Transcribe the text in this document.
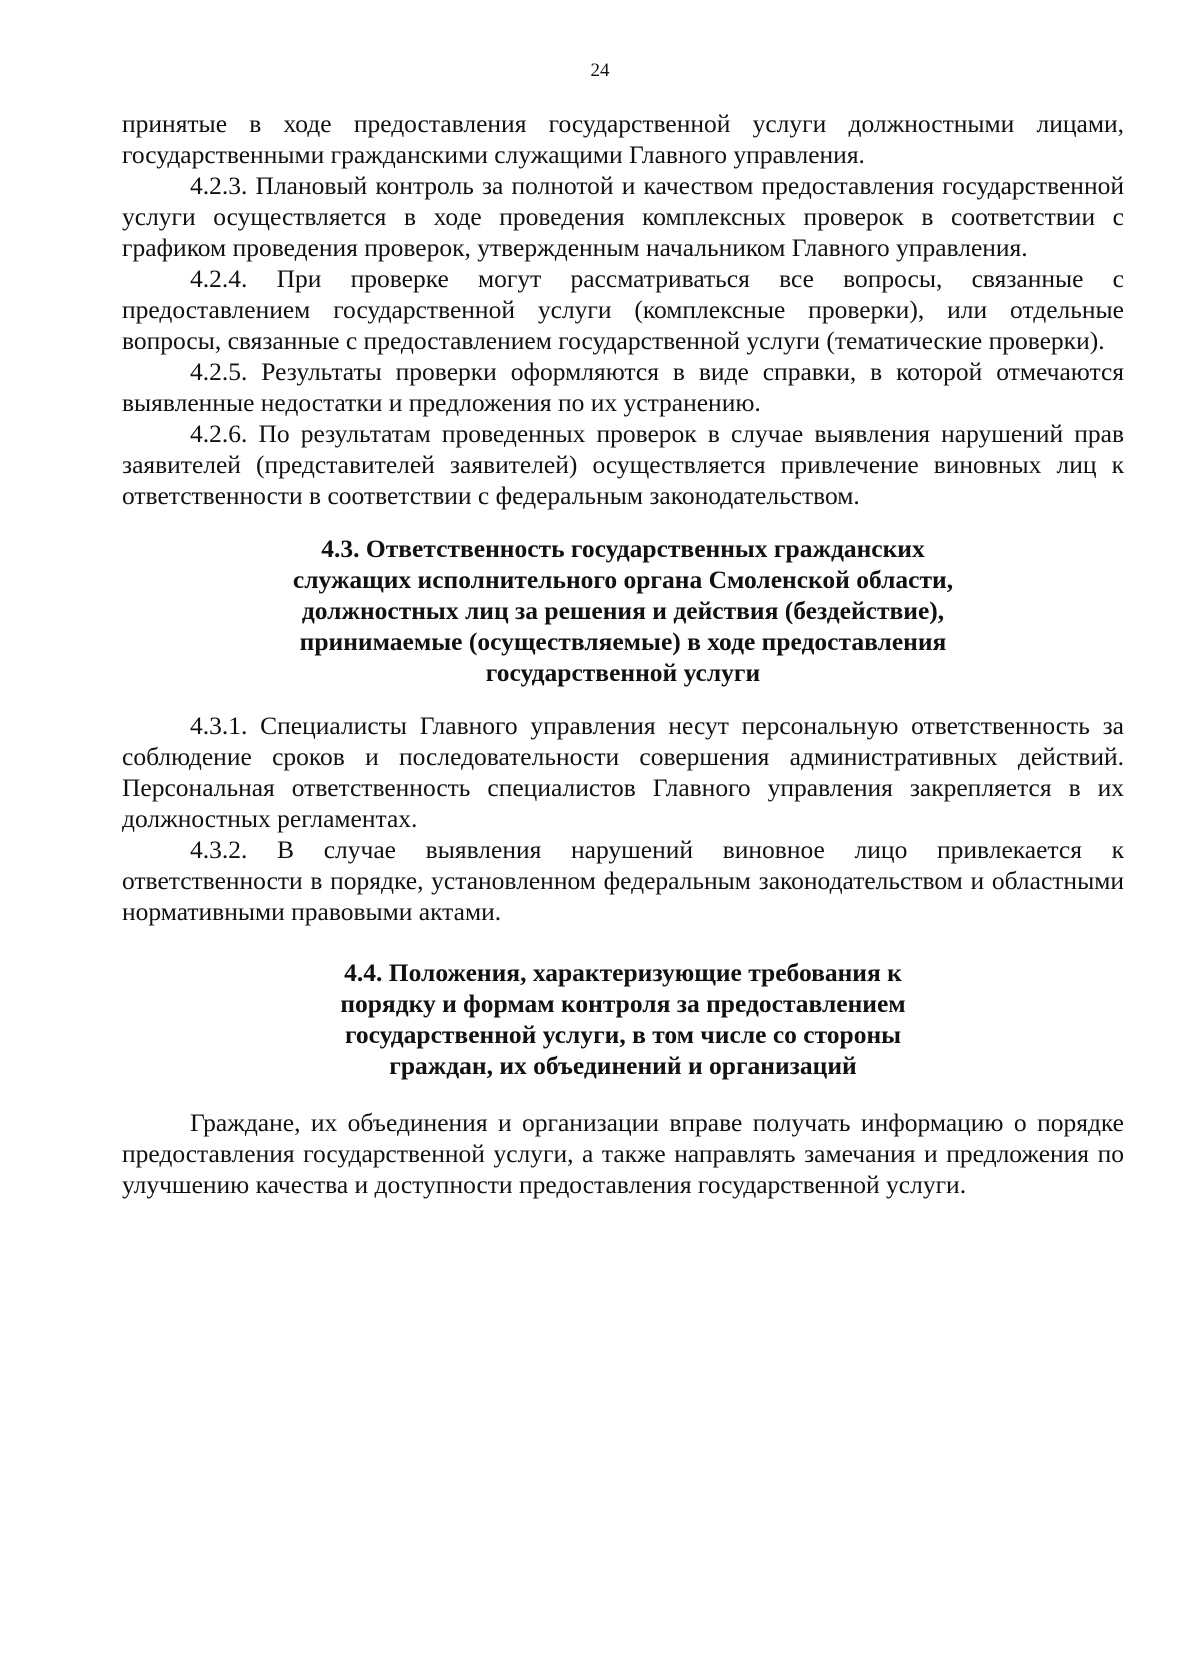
24

принятые в ходе предоставления государственной услуги должностными лицами, государственными гражданскими служащими Главного управления.

4.2.3. Плановый контроль за полнотой и качеством предоставления государственной услуги осуществляется в ходе проведения комплексных проверок в соответствии с графиком проведения проверок, утвержденным начальником Главного управления.

4.2.4. При проверке могут рассматриваться все вопросы, связанные с предоставлением государственной услуги (комплексные проверки), или отдельные вопросы, связанные с предоставлением государственной услуги (тематические проверки).

4.2.5. Результаты проверки оформляются в виде справки, в которой отмечаются выявленные недостатки и предложения по их устранению.

4.2.6. По результатам проведенных проверок в случае выявления нарушений прав заявителей (представителей заявителей) осуществляется привлечение виновных лиц к ответственности в соответствии с федеральным законодательством.

4.3. Ответственность государственных гражданских служащих исполнительного органа Смоленской области, должностных лиц за решения и действия (бездействие), принимаемые (осуществляемые) в ходе предоставления государственной услуги

4.3.1. Специалисты Главного управления несут персональную ответственность за соблюдение сроков и последовательности совершения административных действий. Персональная ответственность специалистов Главного управления закрепляется в их должностных регламентах.

4.3.2. В случае выявления нарушений виновное лицо привлекается к ответственности в порядке, установленном федеральным законодательством и областными нормативными правовыми актами.

4.4. Положения, характеризующие требования к порядку и формам контроля за предоставлением государственной услуги, в том числе со стороны граждан, их объединений и организаций

Граждане, их объединения и организации вправе получать информацию о порядке предоставления государственной услуги, а также направлять замечания и предложения по улучшению качества и доступности предоставления государственной услуги.
